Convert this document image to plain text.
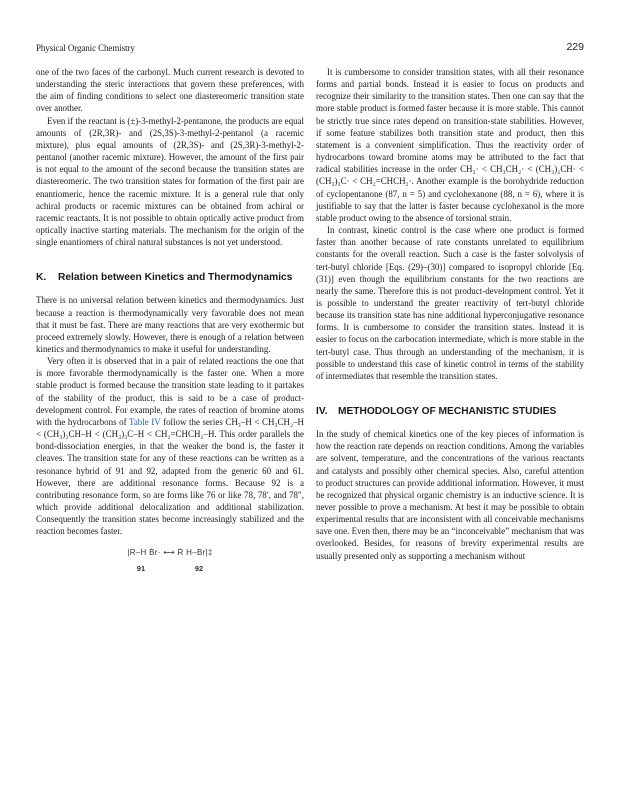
Physical Organic Chemistry	229

one of the two faces of the carbonyl. Much current research is devoted to understanding the steric interactions that govern these preferences, with the aim of finding conditions to select one diastereomeric transition state over another.

Even if the reactant is (±)-3-methyl-2-pentanone, the products are equal amounts of (2R,3R)- and (2S,3S)-3-methyl-2-pentanol (a racemic mixture), plus equal amounts of (2R,3S)- and (2S,3R)-3-methyl-2-pentanol (another racemic mixture). However, the amount of the first pair is not equal to the amount of the second because the transition states are diastereomeric. The two transition states for formation of the first pair are enantiomeric, hence the racemic mixture. It is a general rule that only achiral products or racemic mixtures can be obtained from achiral or racemic reactants. It is not possible to obtain optically active product from optically inactive starting materials. The mechanism for the origin of the single enantiomers of chiral natural substances is not yet understood.

K. Relation between Kinetics and Thermodynamics

There is no universal relation between kinetics and thermodynamics. Just because a reaction is thermodynamically very favorable does not mean that it must be fast. There are many reactions that are very exothermic but proceed extremely slowly. However, there is enough of a relation between kinetics and thermodynamics to make it useful for understanding.

Very often it is observed that in a pair of related reactions the one that is more favorable thermodynamically is the faster one. When a more stable product is formed because the transition state leading to it partakes of the stability of the product, this is said to be a case of product-development control. For example, the rates of reaction of bromine atoms with the hydrocarbons of Table IV follow the series CH₃–H < CH₃CH₂–H < (CH₃)₂CH–H < (CH₃)₃C–H < CH₂=CHCH₂–H. This order parallels the bond-dissociation energies, in that the weaker the bond is, the faster it cleaves. The transition state for any of these reactions can be written as a resonance hybrid of 91 and 92, adapted from the generic 60 and 61. However, there are additional resonance forms. Because 92 is a contributing resonance form, so are forms like 76 or like 78, 78′, and 78″, which provide additional delocalization and additional stabilization. Consequently the transition states become increasingly stabilized and the reaction becomes faster.

|R–H Ḃr· ⟷ Ṙ H–Br|‡
91	92

It is cumbersome to consider transition states, with all their resonance forms and partial bonds. Instead it is easier to focus on products and recognize their similarity to the transition states. Then one can say that the more stable product is formed faster because it is more stable. This cannot be strictly true since rates depend on transition-state stabilities. However, if some feature stabilizes both transition state and product, then this statement is a convenient simplification. Thus the reactivity order of hydrocarbons toward bromine atoms may be attributed to the fact that radical stabilities increase in the order CH₃· < CH₃CH₂· < (CH₃)₂CH· < (CH₃)₃C· < CH₂=CHCH₂·. Another example is the borohydride reduction of cyclopentanone (87, n = 5) and cyclohexanone (88, n = 6), where it is justifiable to say that the latter is faster because cyclohexanol is the more stable product owing to the absence of torsional strain.

In contrast, kinetic control is the case where one product is formed faster than another because of rate constants unrelated to equilibrium constants for the overall reaction. Such a case is the faster solvolysis of tert-butyl chloride [Eqs. (29)–(30)] compared to isopropyl chloride [Eq. (31)] even though the equilibrium constants for the two reactions are nearly the same. Therefore this is not product-development control. Yet it is possible to understand the greater reactivity of tert-butyl chloride because its transition state has nine additional hyperconjugative resonance forms. It is cumbersome to consider the transition states. Instead it is easier to focus on the carbocation intermediate, which is more stable in the tert-butyl case. Thus through an understanding of the mechanism, it is possible to understand this case of kinetic control in terms of the stability of intermediates that resemble the transition states.

IV. METHODOLOGY OF MECHANISTIC STUDIES

In the study of chemical kinetics one of the key pieces of information is how the reaction rate depends on reaction conditions. Among the variables are solvent, temperature, and the concentrations of the various reactants and catalysts and possibly other chemical species. Also, careful attention to product structures can provide additional information. However, it must be recognized that physical organic chemistry is an inductive science. It is never possible to prove a mechanism. At best it may be possible to obtain experimental results that are inconsistent with all conceivable mechanisms save one. Even then, there may be an “inconceivable” mechanism that was overlooked. Besides, for reasons of brevity experimental results are usually presented only as supporting a mechanism without
